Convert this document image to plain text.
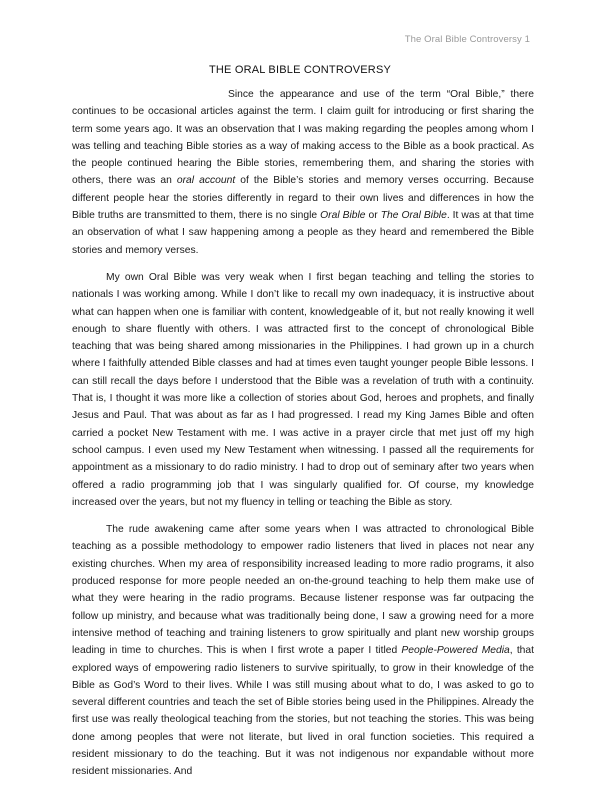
The Oral Bible Controversy 1
THE ORAL BIBLE CONTROVERSY

Since the appearance and use of the term “Oral Bible,” there continues to be occasional articles against the term. I claim guilt for introducing or first sharing the term some years ago. It was an observation that I was making regarding the peoples among whom I was telling and teaching Bible stories as a way of making access to the Bible as a book practical. As the people continued hearing the Bible stories, remembering them, and sharing the stories with others, there was an oral account of the Bible’s stories and memory verses occurring. Because different people hear the stories differently in regard to their own lives and differences in how the Bible truths are transmitted to them, there is no single Oral Bible or The Oral Bible. It was at that time an observation of what I saw happening among a people as they heard and remembered the Bible stories and memory verses.

My own Oral Bible was very weak when I first began teaching and telling the stories to nationals I was working among. While I don’t like to recall my own inadequacy, it is instructive about what can happen when one is familiar with content, knowledgeable of it, but not really knowing it well enough to share fluently with others. I was attracted first to the concept of chronological Bible teaching that was being shared among missionaries in the Philippines. I had grown up in a church where I faithfully attended Bible classes and had at times even taught younger people Bible lessons. I can still recall the days before I understood that the Bible was a revelation of truth with a continuity. That is, I thought it was more like a collection of stories about God, heroes and prophets, and finally Jesus and Paul. That was about as far as I had progressed. I read my King James Bible and often carried a pocket New Testament with me. I was active in a prayer circle that met just off my high school campus. I even used my New Testament when witnessing. I passed all the requirements for appointment as a missionary to do radio ministry. I had to drop out of seminary after two years when offered a radio programming job that I was singularly qualified for. Of course, my knowledge increased over the years, but not my fluency in telling or teaching the Bible as story.

The rude awakening came after some years when I was attracted to chronological Bible teaching as a possible methodology to empower radio listeners that lived in places not near any existing churches. When my area of responsibility increased leading to more radio programs, it also produced response for more people needed an on-the-ground teaching to help them make use of what they were hearing in the radio programs. Because listener response was far outpacing the follow up ministry, and because what was traditionally being done, I saw a growing need for a more intensive method of teaching and training listeners to grow spiritually and plant new worship groups leading in time to churches. This is when I first wrote a paper I titled People-Powered Media, that explored ways of empowering radio listeners to survive spiritually, to grow in their knowledge of the Bible as God’s Word to their lives. While I was still musing about what to do, I was asked to go to several different countries and teach the set of Bible stories being used in the Philippines. Already the first use was really theological teaching from the stories, but not teaching the stories. This was being done among peoples that were not literate, but lived in oral function societies. This required a resident missionary to do the teaching. But it was not indigenous nor expandable without more resident missionaries. And
